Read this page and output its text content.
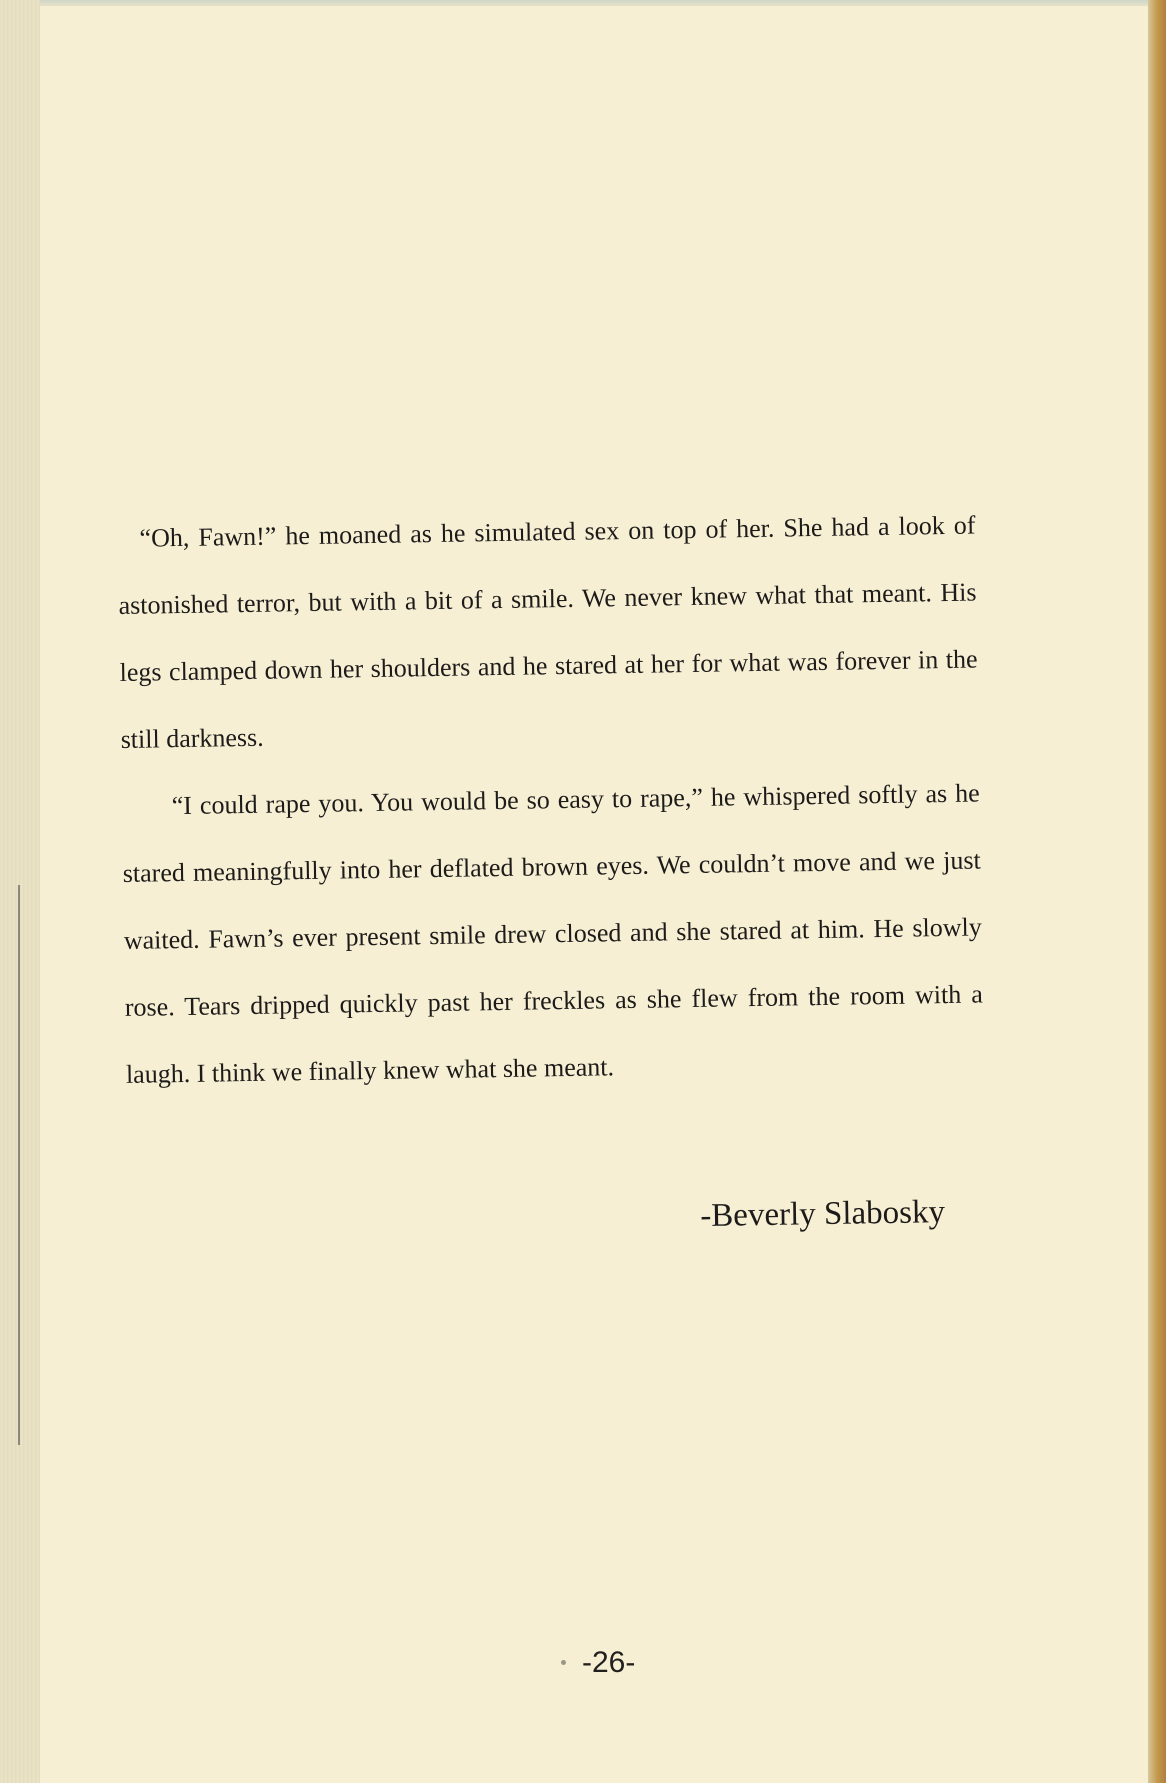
“Oh, Fawn!” he moaned as he simulated sex on top of her. She had a look of astonished terror, but with a bit of a smile. We never knew what that meant. His legs clamped down her shoulders and he stared at her for what was forever in the still darkness.

“I could rape you. You would be so easy to rape,” he whispered softly as he stared meaningfully into her deflated brown eyes. We couldn’t move and we just waited. Fawn’s ever present smile drew closed and she stared at him. He slowly rose. Tears dripped quickly past her freckles as she flew from the room with a laugh. I think we finally knew what she meant.

-Beverly Slabosky
-26-
